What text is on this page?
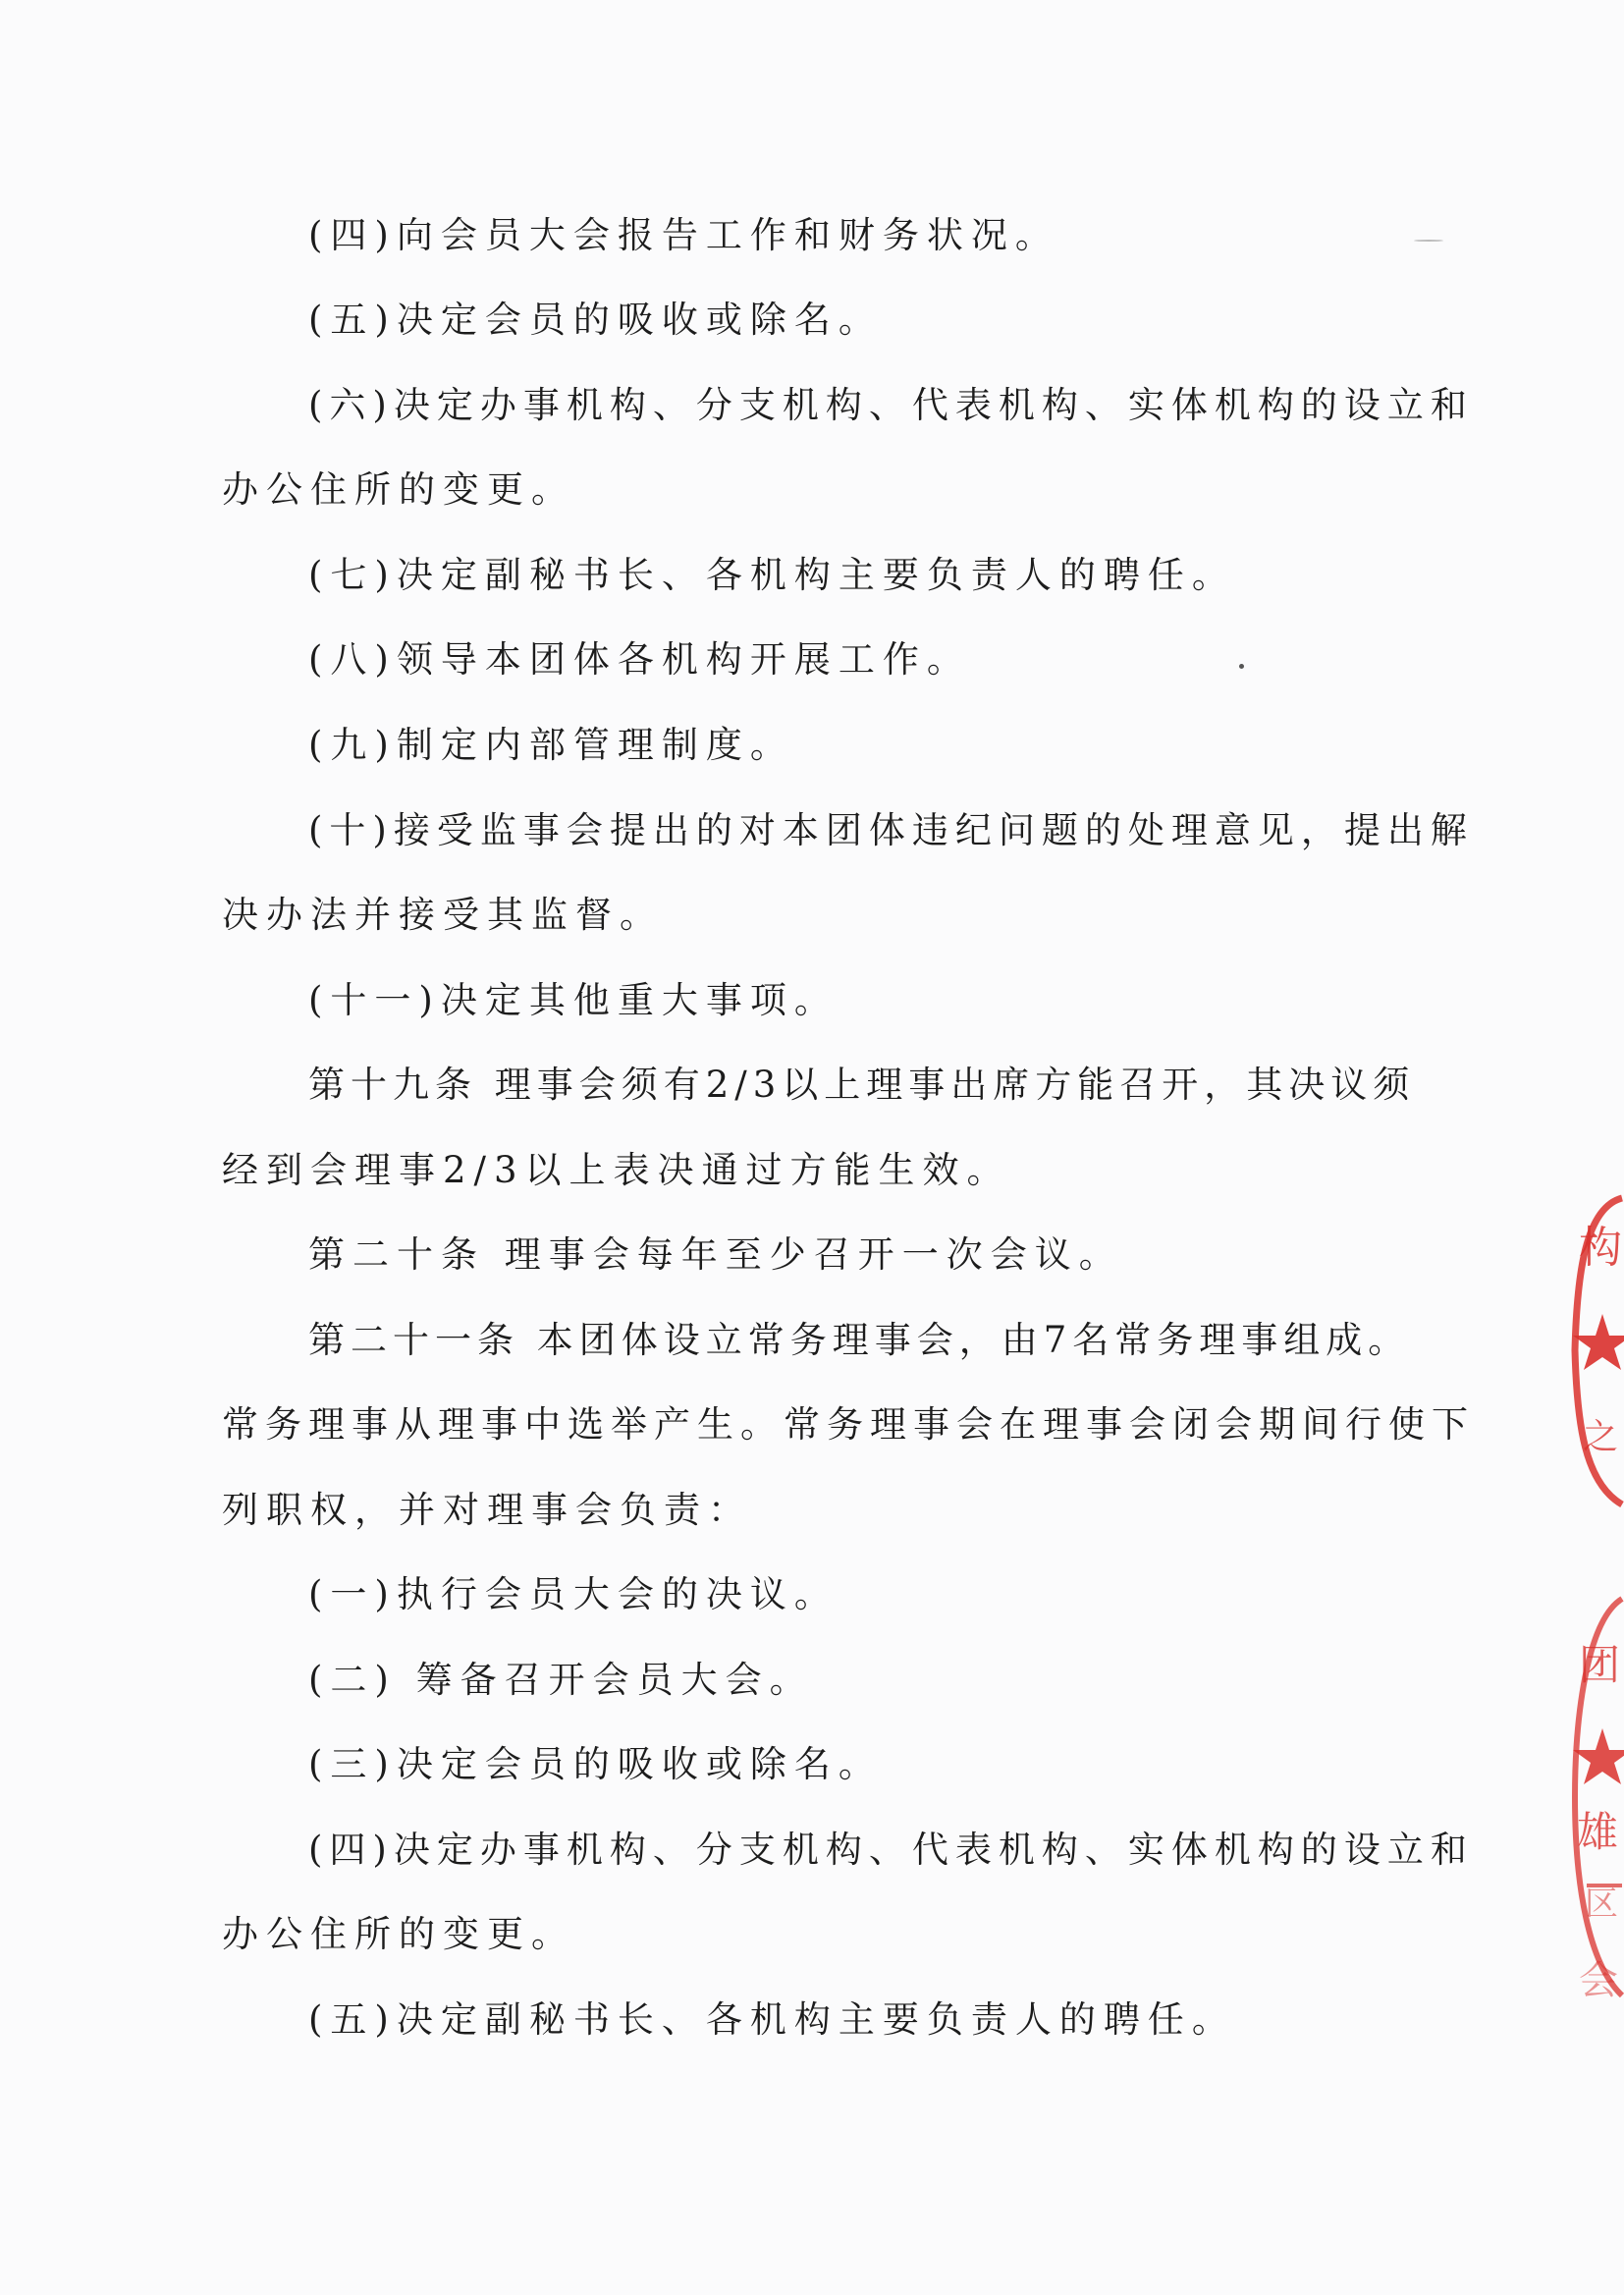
(四)向会员大会报告工作和财务状况。
(五)决定会员的吸收或除名。
(六)决定办事机构、分支机构、代表机构、实体机构的设立和
办公住所的变更。
(七)决定副秘书长、各机构主要负责人的聘任。
(八)领导本团体各机构开展工作。
(九)制定内部管理制度。
(十)接受监事会提出的对本团体违纪问题的处理意见，提出解
决办法并接受其监督。
(十一)决定其他重大事项。
第十九条 理事会须有2/3以上理事出席方能召开，其决议须
经到会理事2/3以上表决通过方能生效。
第二十条 理事会每年至少召开一次会议。
第二十一条 本团体设立常务理事会，由7名常务理事组成。
常务理事从理事中选举产生。常务理事会在理事会闭会期间行使下
列职权，并对理事会负责：
(一)执行会员大会的决议。
(二) 筹备召开会员大会。
(三)决定会员的吸收或除名。
(四)决定办事机构、分支机构、代表机构、实体机构的设立和
办公住所的变更。
(五)决定副秘书长、各机构主要负责人的聘任。
构
之
团
雄
区
会
